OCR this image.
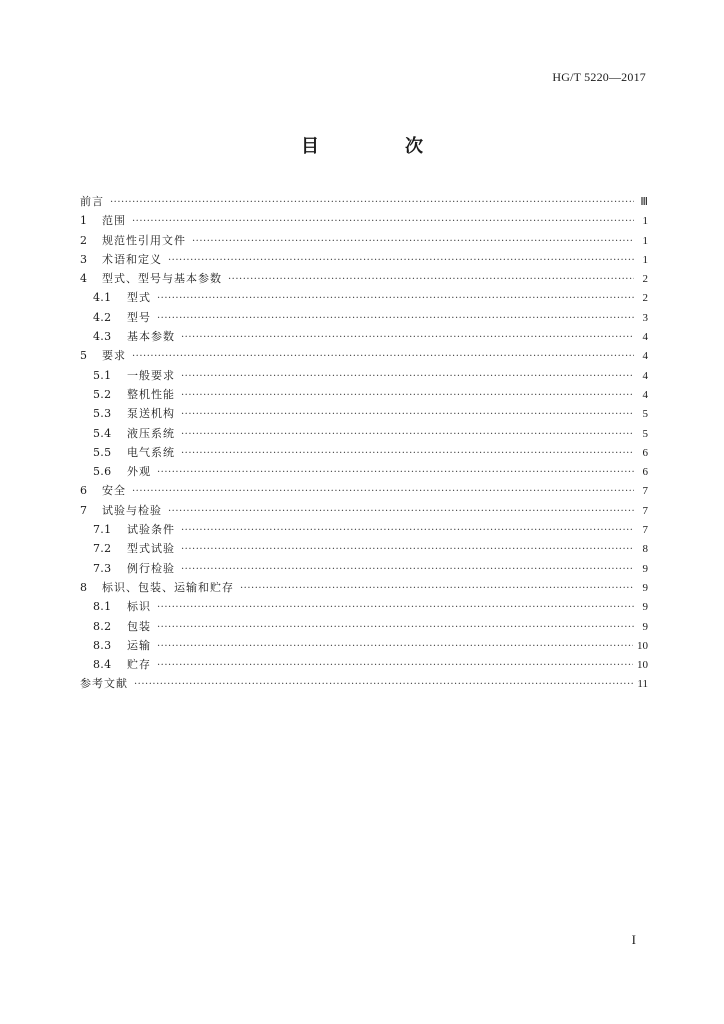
HG/T 5220—2017
目　次
前言 ·····	Ⅲ
1	范围 ·····	1
2	规范性引用文件 ·····	1
3	术语和定义 ·····	1
4	型式、型号与基本参数 ·····	2
4.1	型式 ·····	2
4.2	型号 ·····	3
4.3	基本参数 ·····	4
5	要求 ·····	4
5.1	一般要求 ·····	4
5.2	整机性能 ·····	4
5.3	泵送机构 ·····	5
5.4	液压系统 ·····	5
5.5	电气系统 ·····	6
5.6	外观 ·····	6
6	安全 ·····	7
7	试验与检验 ·····	7
7.1	试验条件 ·····	7
7.2	型式试验 ·····	8
7.3	例行检验 ·····	9
8	标识、包装、运输和贮存 ·····	9
8.1	标识 ·····	9
8.2	包装 ·····	9
8.3	运输 ·····	10
8.4	贮存 ·····	10
参考文献 ·····	11
I
